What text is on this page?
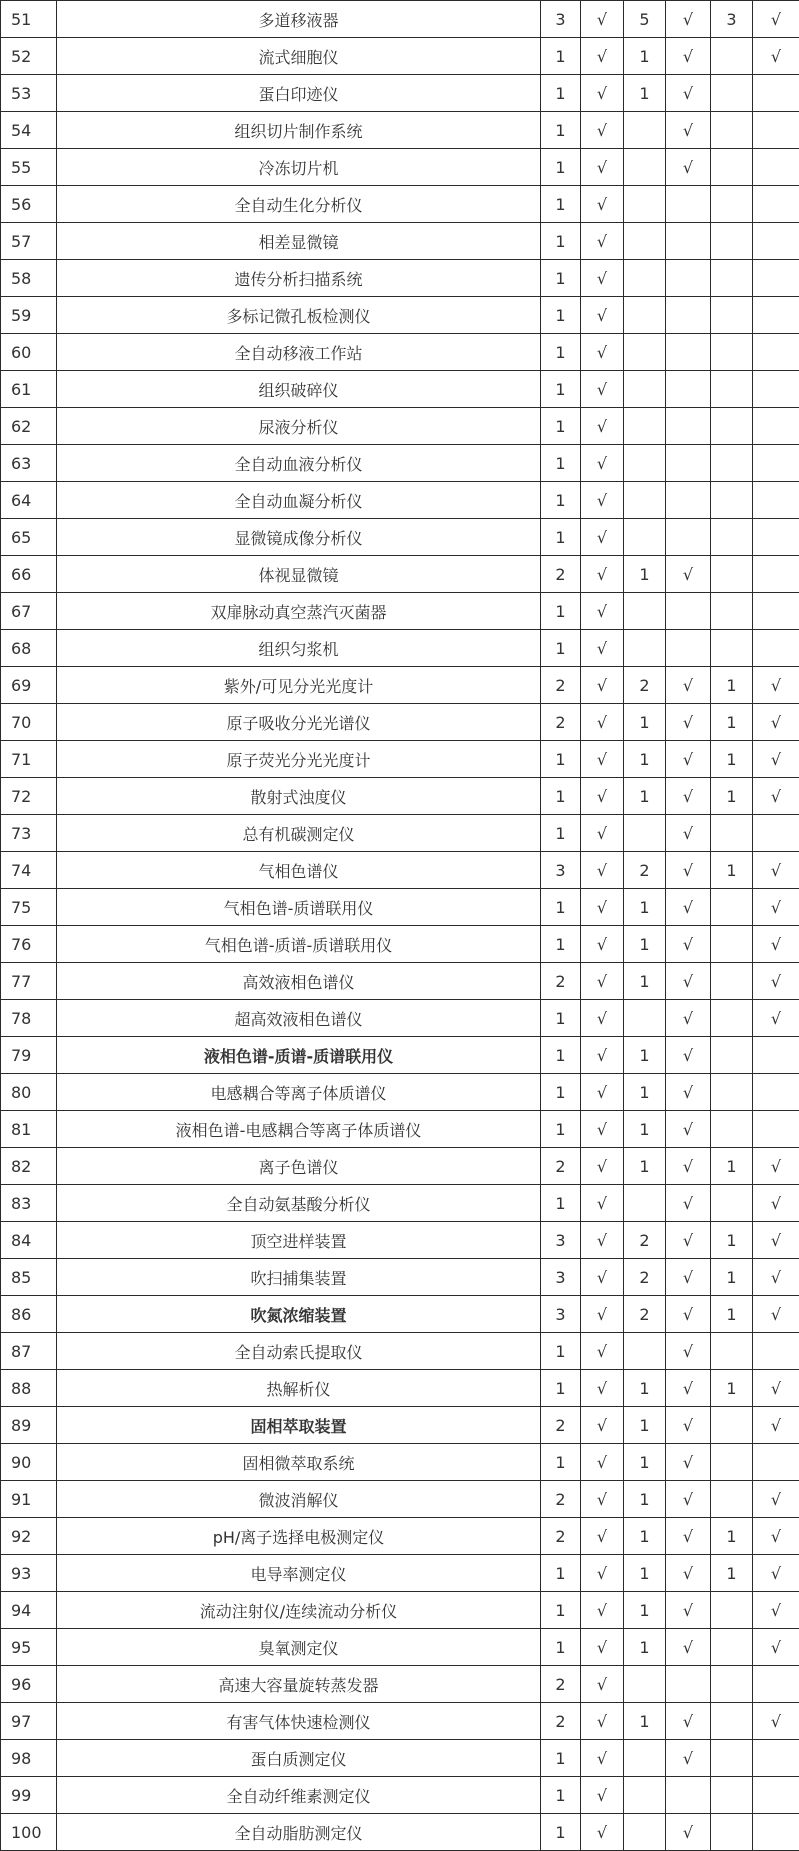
51	多道移液器	3	√	5	√	3	√
52	流式细胞仪	1	√	1	√		√
53	蛋白印迹仪	1	√	1	√		
54	组织切片制作系统	1	√		√		
55	冷冻切片机	1	√		√		
56	全自动生化分析仪	1	√				
57	相差显微镜	1	√				
58	遗传分析扫描系统	1	√				
59	多标记微孔板检测仪	1	√				
60	全自动移液工作站	1	√				
61	组织破碎仪	1	√				
62	尿液分析仪	1	√				
63	全自动血液分析仪	1	√				
64	全自动血凝分析仪	1	√				
65	显微镜成像分析仪	1	√				
66	体视显微镜	2	√	1	√		
67	双扉脉动真空蒸汽灭菌器	1	√				
68	组织匀浆机	1	√				
69	紫外/可见分光光度计	2	√	2	√	1	√
70	原子吸收分光光谱仪	2	√	1	√	1	√
71	原子荧光分光光度计	1	√	1	√	1	√
72	散射式浊度仪	1	√	1	√	1	√
73	总有机碳测定仪	1	√		√		
74	气相色谱仪	3	√	2	√	1	√
75	气相色谱-质谱联用仪	1	√	1	√		√
76	气相色谱-质谱-质谱联用仪	1	√	1	√		√
77	高效液相色谱仪	2	√	1	√		√
78	超高效液相色谱仪	1	√		√		√
79	液相色谱-质谱-质谱联用仪	1	√	1	√		
80	电感耦合等离子体质谱仪	1	√	1	√		
81	液相色谱-电感耦合等离子体质谱仪	1	√	1	√		
82	离子色谱仪	2	√	1	√	1	√
83	全自动氨基酸分析仪	1	√		√		√
84	顶空进样装置	3	√	2	√	1	√
85	吹扫捕集装置	3	√	2	√	1	√
86	吹氮浓缩装置	3	√	2	√	1	√
87	全自动索氏提取仪	1	√		√		
88	热解析仪	1	√	1	√	1	√
89	固相萃取装置	2	√	1	√		√
90	固相微萃取系统	1	√	1	√		
91	微波消解仪	2	√	1	√		√
92	pH/离子选择电极测定仪	2	√	1	√	1	√
93	电导率测定仪	1	√	1	√	1	√
94	流动注射仪/连续流动分析仪	1	√	1	√		√
95	臭氧测定仪	1	√	1	√		√
96	高速大容量旋转蒸发器	2	√				
97	有害气体快速检测仪	2	√	1	√		√
98	蛋白质测定仪	1	√		√		
99	全自动纤维素测定仪	1	√				
100	全自动脂肪测定仪	1	√		√		
